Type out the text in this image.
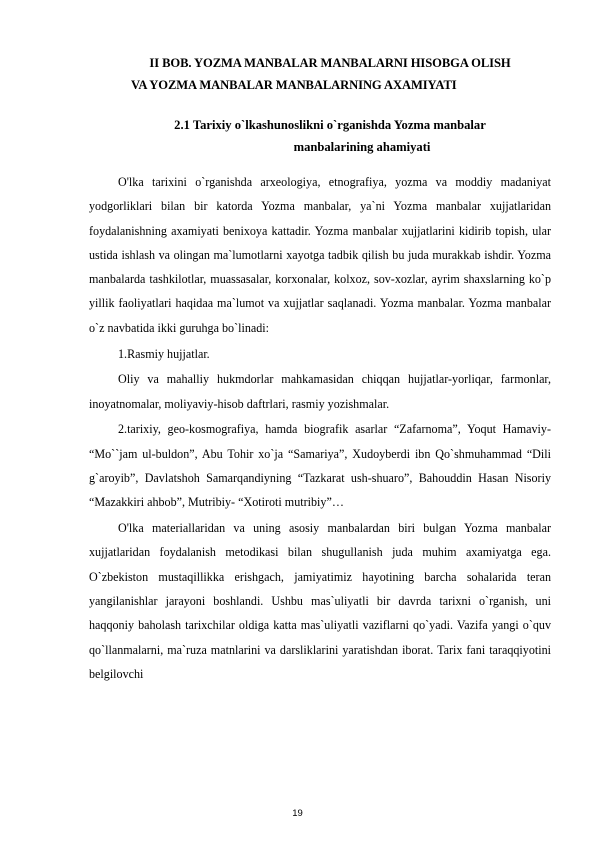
II BOB. YOZMA MANBALAR MANBALARNI HISOBGA OLISH
VA YOZMA MANBALAR MANBALARNING AXAMIYATI
2.1 Tarixiy o`lkashunoslikni o`rganishda Yozma manbalar
manbalarining ahamiyati

O'lka tarixini o`rganishda arxeologiya, etnografiya, yozma va moddiy madaniyat yodgorliklari bilan bir katorda Yozma manbalar, ya`ni Yozma manbalar xujjatlaridan foydalanishning axamiyati benixoya kattadir. Yozma manbalar xujjatlarini kidirib topish, ular ustida ishlash va olingan ma`lumotlarni xayotga tadbik qilish bu juda murakkab ishdir. Yozma manbalarda tashkilotlar, muassasalar, korxonalar, kolxoz, sov-xozlar, ayrim shaxslarning ko`p yillik faoliyatlari haqidaa ma`lumot va xujjatlar saqlanadi. Yozma manbalar. Yozma manbalar o`z navbatida ikki guruhga bo`linadi:

1.Rasmiy hujjatlar.

Oliy va mahalliy hukmdorlar mahkamasidan chiqqan hujjatlar-yorliqar, farmonlar, inoyatnomalar, moliyaviy-hisob daftrlari, rasmiy yozishmalar.

2.tarixiy, geo-kosmografiya, hamda biografik asarlar “Zafarnoma”, Yoqut Hamaviy- “Mo``jam ul-buldon”, Abu Tohir xo`ja “Samariya”, Xudoyberdi ibn Qo`shmuhammad “Dili g`aroyib”, Davlatshoh Samarqandiyning “Tazkarat ush-shuaro”, Bahouddin Hasan Nisoriy “Mazakkiri ahbob”, Mutribiy- “Xotiroti mutribiy”…

O'lka materiallaridan va uning asosiy manbalardan biri bulgan Yozma manbalar xujjatlaridan foydalanish metodikasi bilan shugullanish juda muhim axamiyatga ega. O`zbekiston mustaqillikka erishgach, jamiyatimiz hayotining barcha sohalarida teran yangilanishlar jarayoni boshlandi. Ushbu mas`uliyatli bir davrda tarixni o`rganish, uni haqqoniy baholash tarixchilar oldiga katta mas`uliyatli vaziflarni qo`yadi. Vazifa yangi o`quv qo`llanmalarni, ma`ruza matnlarini va darsliklarini yaratishdan iborat. Tarix fani taraqqiyotini belgilovchi

19
